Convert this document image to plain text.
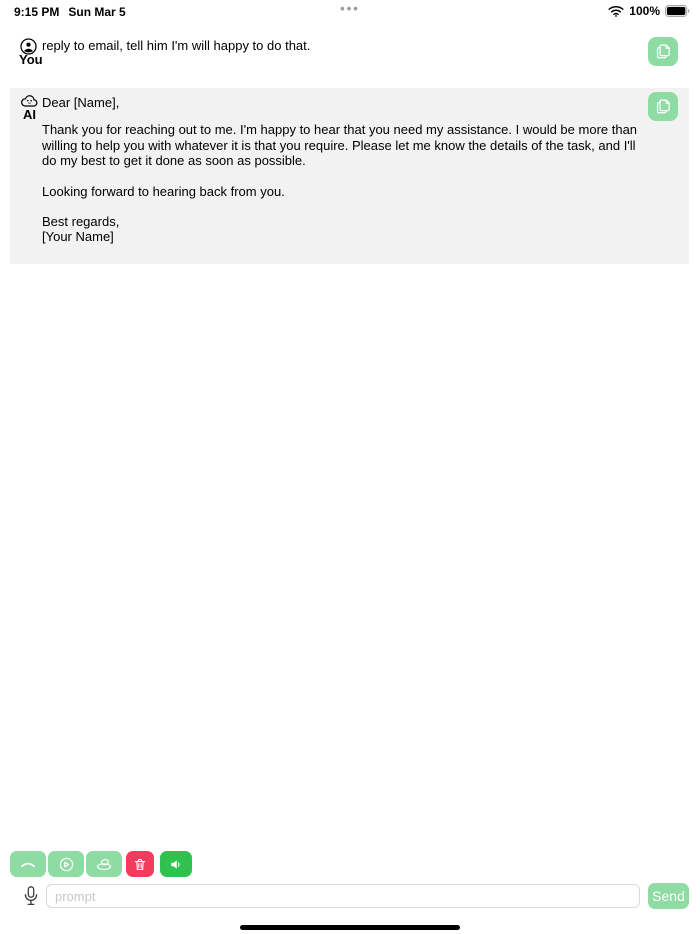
9:15 PM Sun Mar 5	•••	100%
reply to email, tell him I'm will happy to do that.
You
AI
Dear [Name],
Thank you for reaching out to me. I'm happy to hear that you need my assistance. I would be more than willing to help you with whatever it is that you require. Please let me know the details of the task, and I'll do my best to get it done as soon as possible.
Looking forward to hearing back from you.
Best regards,
[Your Name]
prompt
Send
